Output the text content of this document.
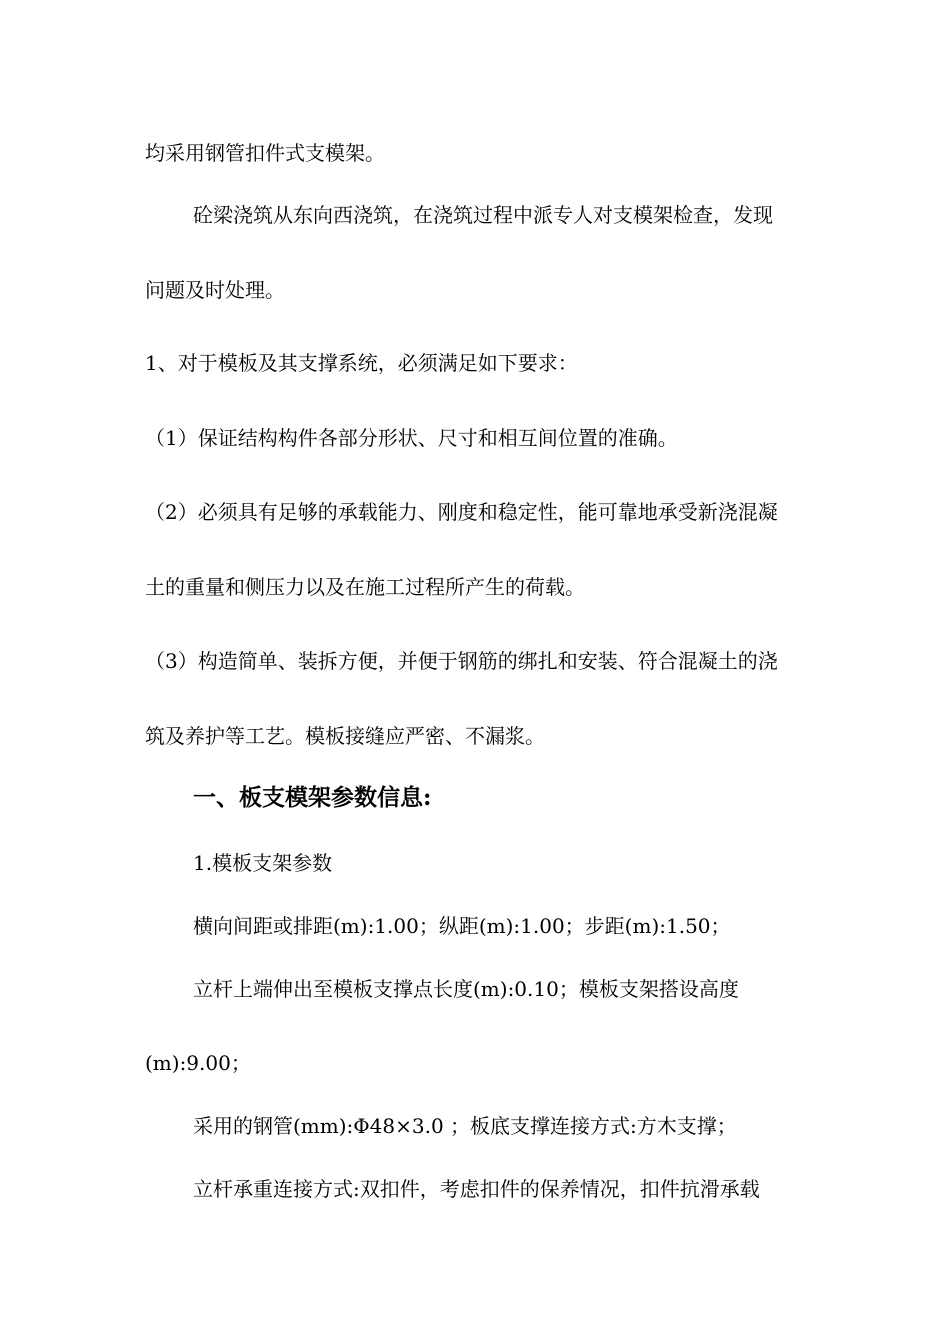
均采用钢管扣件式支模架。

砼梁浇筑从东向西浇筑，在浇筑过程中派专人对支模架检查，发现

问题及时处理。

1、对于模板及其支撑系统，必须满足如下要求：

（1）保证结构构件各部分形状、尺寸和相互间位置的准确。

（2）必须具有足够的承载能力、刚度和稳定性，能可靠地承受新浇混凝

土的重量和侧压力以及在施工过程所产生的荷载。

（3）构造简单、装拆方便，并便于钢筋的绑扎和安装、符合混凝土的浇

筑及养护等工艺。模板接缝应严密、不漏浆。

一、板支模架参数信息:

1.模板支架参数

横向间距或排距(m):1.00；纵距(m):1.00；步距(m):1.50；

立杆上端伸出至模板支撑点长度(m):0.10；模板支架搭设高度

(m):9.00；

采用的钢管(mm):Φ48×3.0 ；板底支撑连接方式:方木支撑；

立杆承重连接方式:双扣件，考虑扣件的保养情况，扣件抗滑承载
